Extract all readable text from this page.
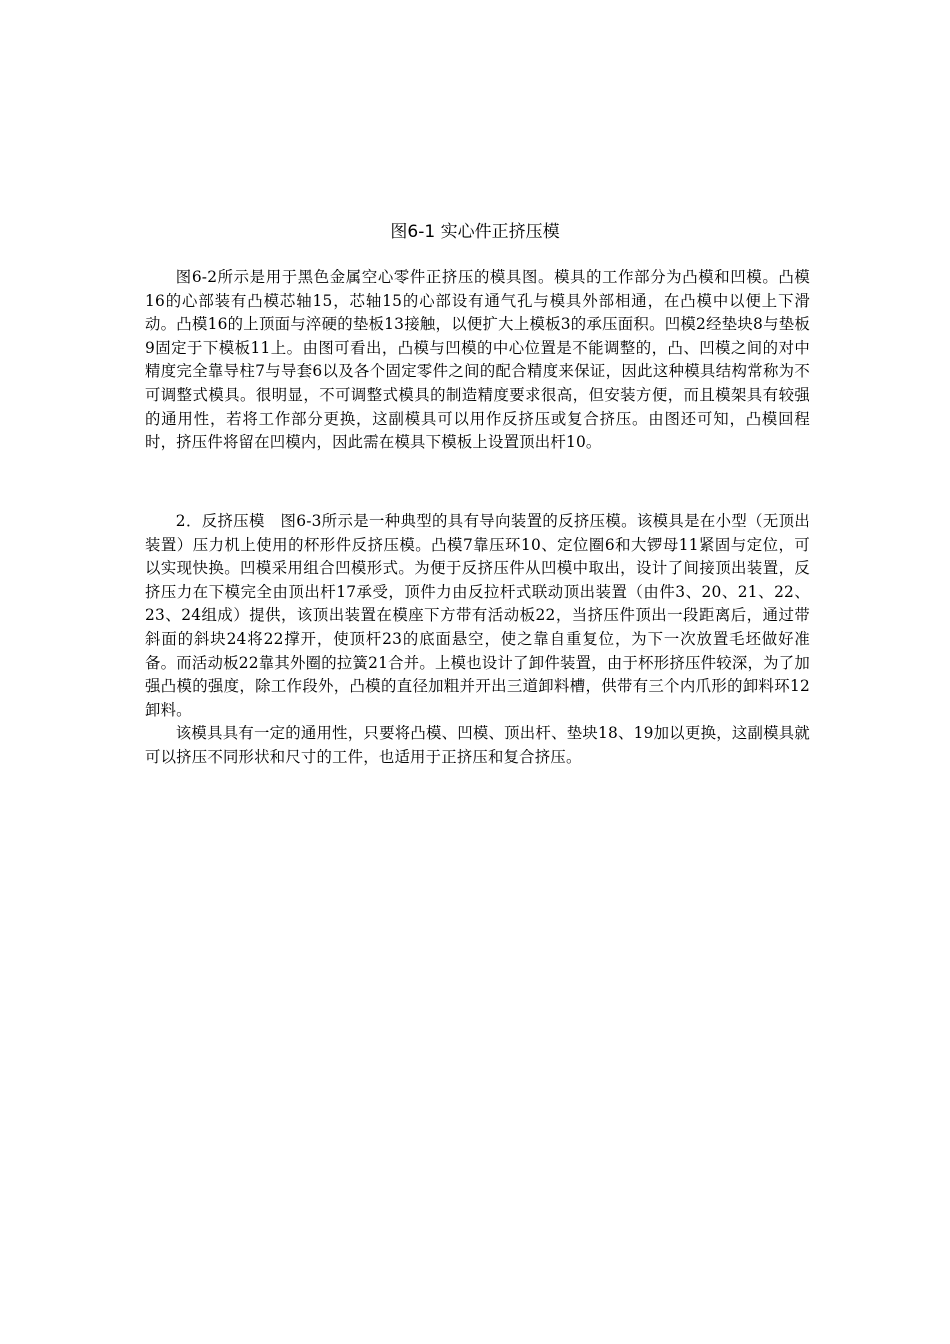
图6-1 实心件正挤压模

图6-2所示是用于黑色金属空心零件正挤压的模具图。模具的工作部分为凸模和凹模。凸模16的心部装有凸模芯轴15，芯轴15的心部设有通气孔与模具外部相通，在凸模中以便上下滑动。凸模16的上顶面与淬硬的垫板13接触，以便扩大上模板3的承压面积。凹模2经垫块8与垫板9固定于下模板11上。由图可看出，凸模与凹模的中心位置是不能调整的，凸、凹模之间的对中精度完全靠导柱7与导套6以及各个固定零件之间的配合精度来保证，因此这种模具结构常称为不可调整式模具。很明显，不可调整式模具的制造精度要求很高，但安装方便，而且模架具有较强的通用性，若将工作部分更换，这副模具可以用作反挤压或复合挤压。由图还可知，凸模回程时，挤压件将留在凹模内，因此需在模具下模板上设置顶出杆10。

2．反挤压模　图6-3所示是一种典型的具有导向装置的反挤压模。该模具是在小型（无顶出装置）压力机上使用的杯形件反挤压模。凸模7靠压环10、定位圈6和大锣母11紧固与定位，可以实现快换。凹模采用组合凹模形式。为便于反挤压件从凹模中取出，设计了间接顶出装置，反挤压力在下模完全由顶出杆17承受，顶件力由反拉杆式联动顶出装置（由件3、20、21、22、23、24组成）提供，该顶出装置在模座下方带有活动板22，当挤压件顶出一段距离后，通过带斜面的斜块24将22撑开，使顶杆23的底面悬空，使之靠自重复位，为下一次放置毛坯做好准备。而活动板22靠其外圈的拉簧21合并。上模也设计了卸件装置，由于杯形挤压件较深，为了加强凸模的强度，除工作段外，凸模的直径加粗并开出三道卸料槽，供带有三个内爪形的卸料环12卸料。

该模具具有一定的通用性，只要将凸模、凹模、顶出杆、垫块18、19加以更换，这副模具就可以挤压不同形状和尺寸的工件，也适用于正挤压和复合挤压。
